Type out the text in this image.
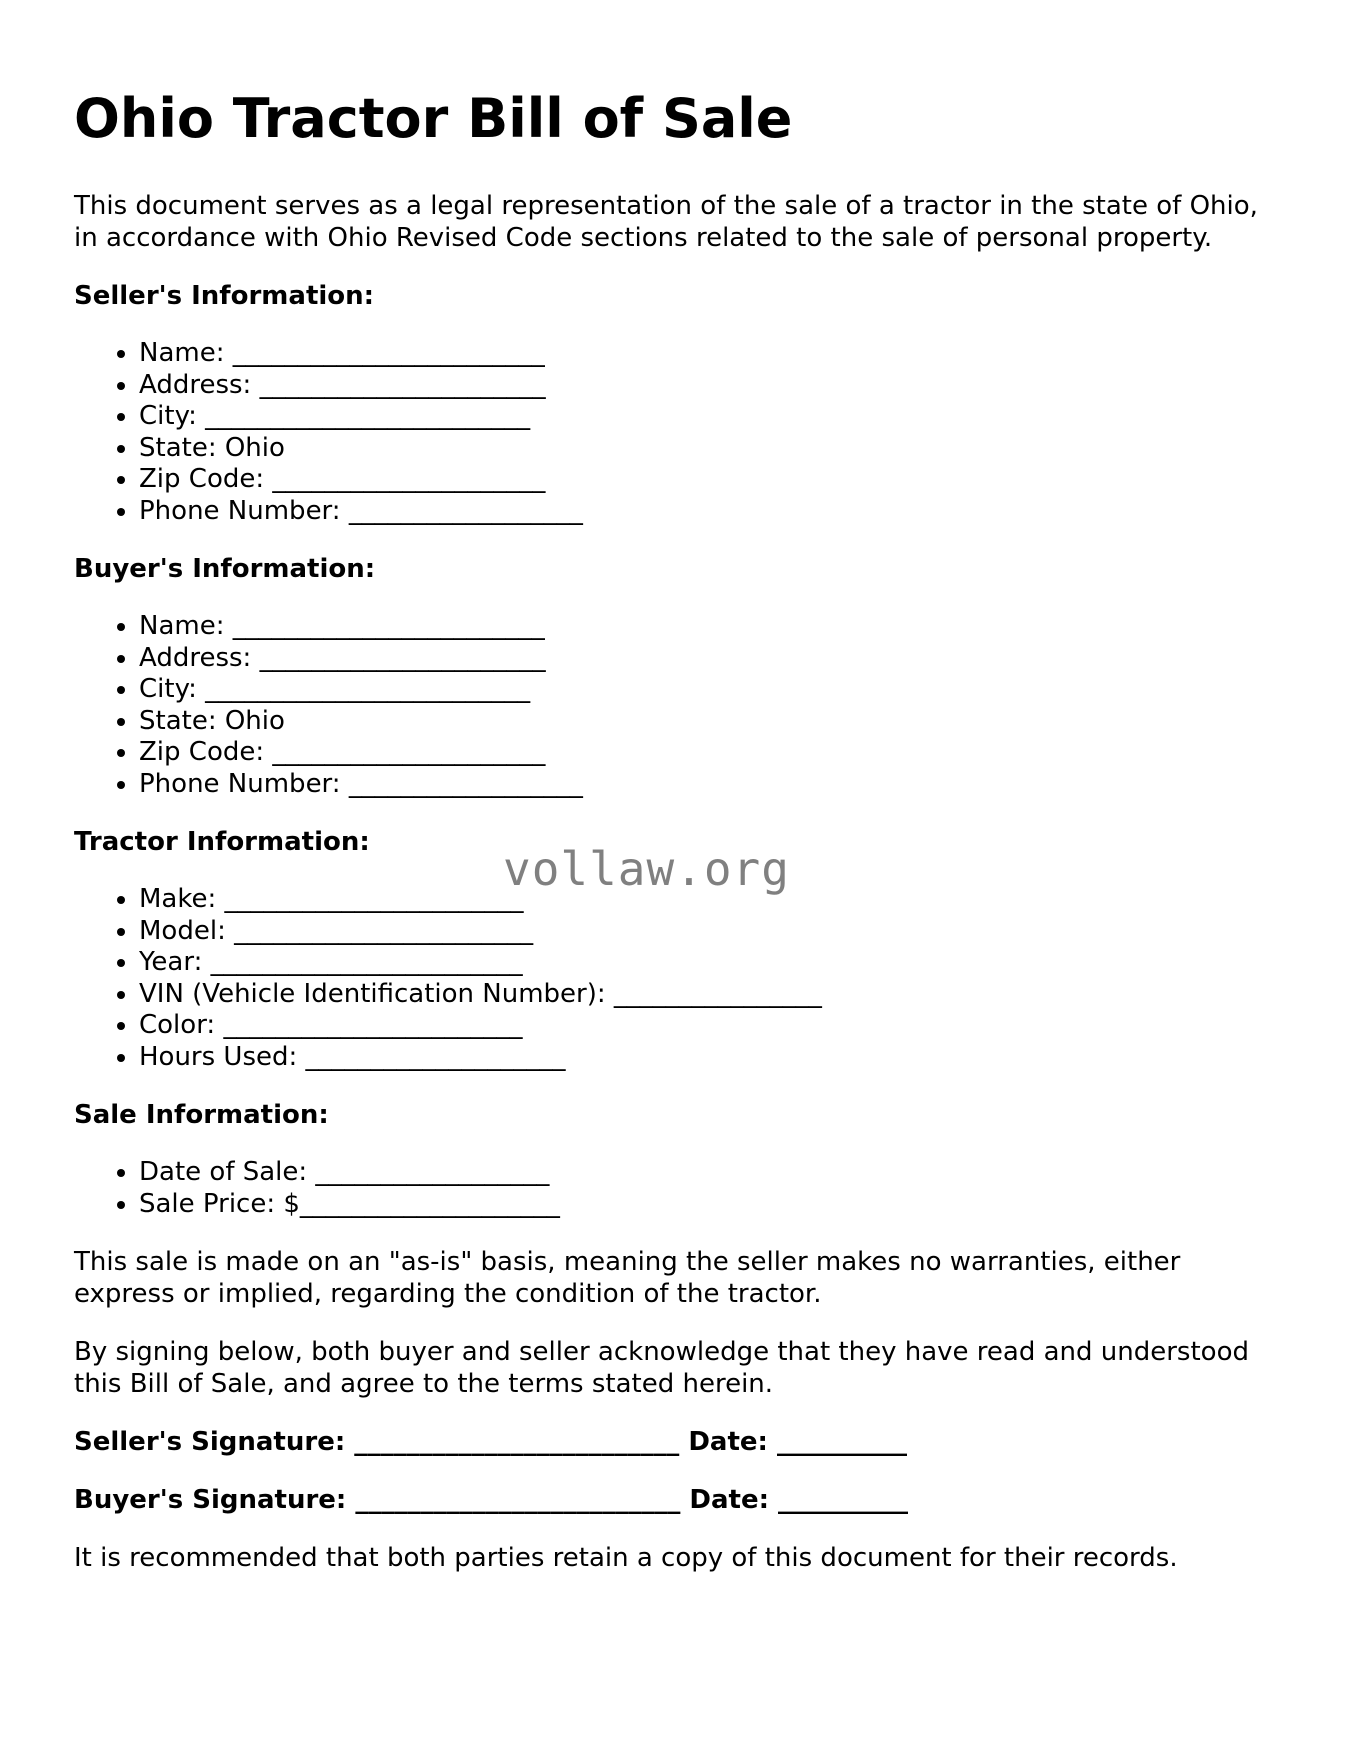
Ohio Tractor Bill of Sale

This document serves as a legal representation of the sale of a tractor in the state of Ohio, in accordance with Ohio Revised Code sections related to the sale of personal property.

Seller's Information:
• Name: ________________________
• Address: ______________________
• City: _________________________
• State: Ohio
• Zip Code: _____________________
• Phone Number: __________________
Buyer's Information:
• Name: ________________________
• Address: ______________________
• City: _________________________
• State: Ohio
• Zip Code: _____________________
• Phone Number: __________________
Tractor Information:
• Make: _______________________
• Model: _______________________
• Year: ________________________
• VIN (Vehicle Identification Number): ________________
• Color: _______________________
• Hours Used: ____________________
Sale Information:
• Date of Sale: __________________
• Sale Price: $____________________

This sale is made on an "as-is" basis, meaning the seller makes no warranties, either express or implied, regarding the condition of the tractor.

By signing below, both buyer and seller acknowledge that they have read and understood this Bill of Sale, and agree to the terms stated herein.

Seller's Signature: _________________________ Date: __________
Buyer's Signature: _________________________ Date: __________

It is recommended that both parties retain a copy of this document for their records.

vollaw.org
